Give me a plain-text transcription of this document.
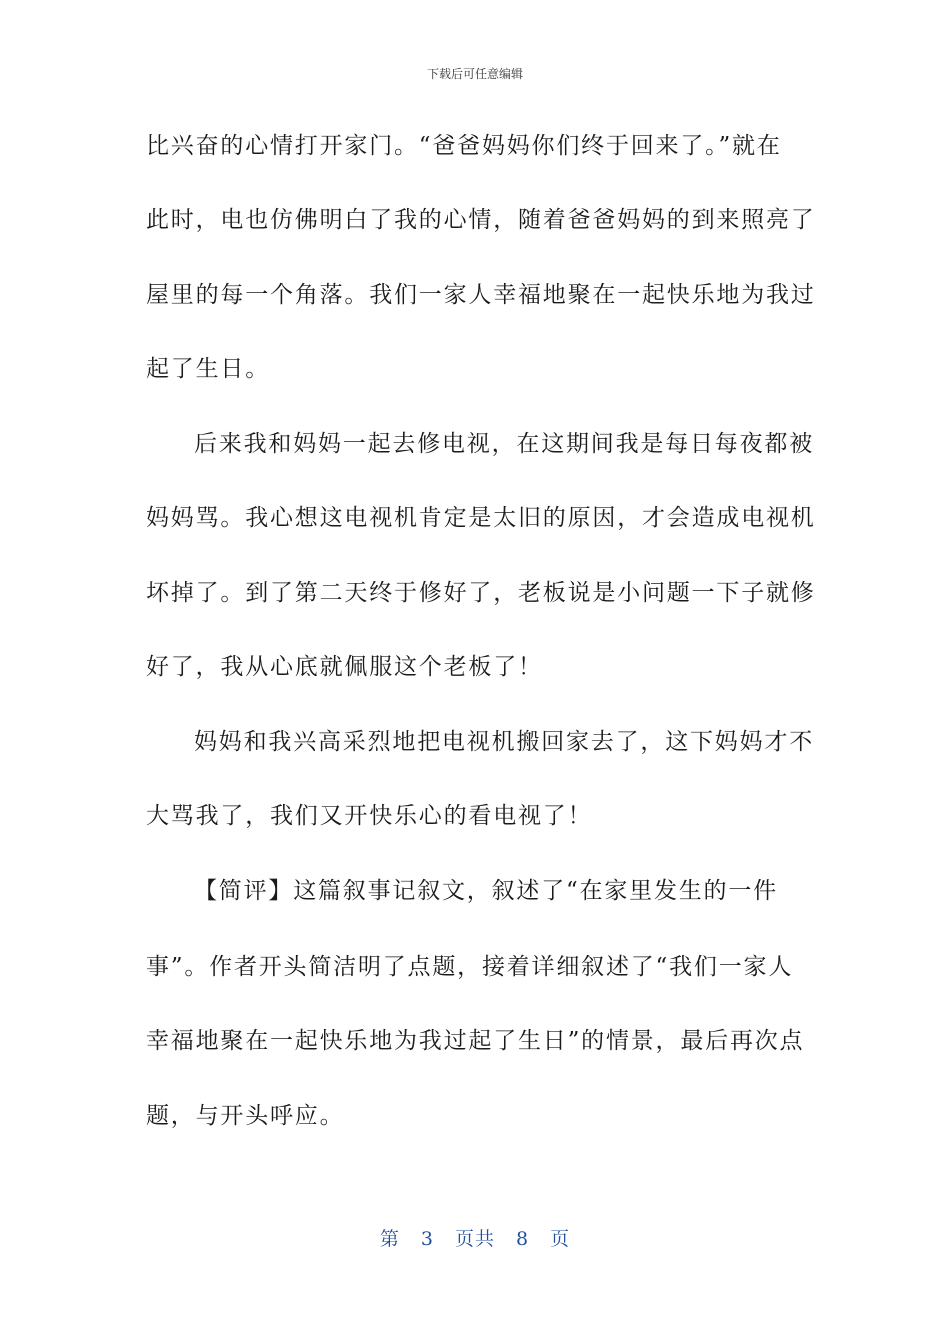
下载后可任意编辑
比兴奋的心情打开家门。“爸爸妈妈你们终于回来了。”就在
此时，电也仿佛明白了我的心情，随着爸爸妈妈的到来照亮了
屋里的每一个角落。我们一家人幸福地聚在一起快乐地为我过
起了生日。
后来我和妈妈一起去修电视，在这期间我是每日每夜都被
妈妈骂。我心想这电视机肯定是太旧的原因，才会造成电视机
坏掉了。到了第二天终于修好了，老板说是小问题一下子就修
好了，我从心底就佩服这个老板了！
妈妈和我兴高采烈地把电视机搬回家去了，这下妈妈才不
大骂我了，我们又开快乐心的看电视了！
【简评】这篇叙事记叙文，叙述了“在家里发生的一件
事”。作者开头简洁明了点题，接着详细叙述了“我们一家人
幸福地聚在一起快乐地为我过起了生日”的情景，最后再次点
题，与开头呼应。
第 3 页共 8 页
